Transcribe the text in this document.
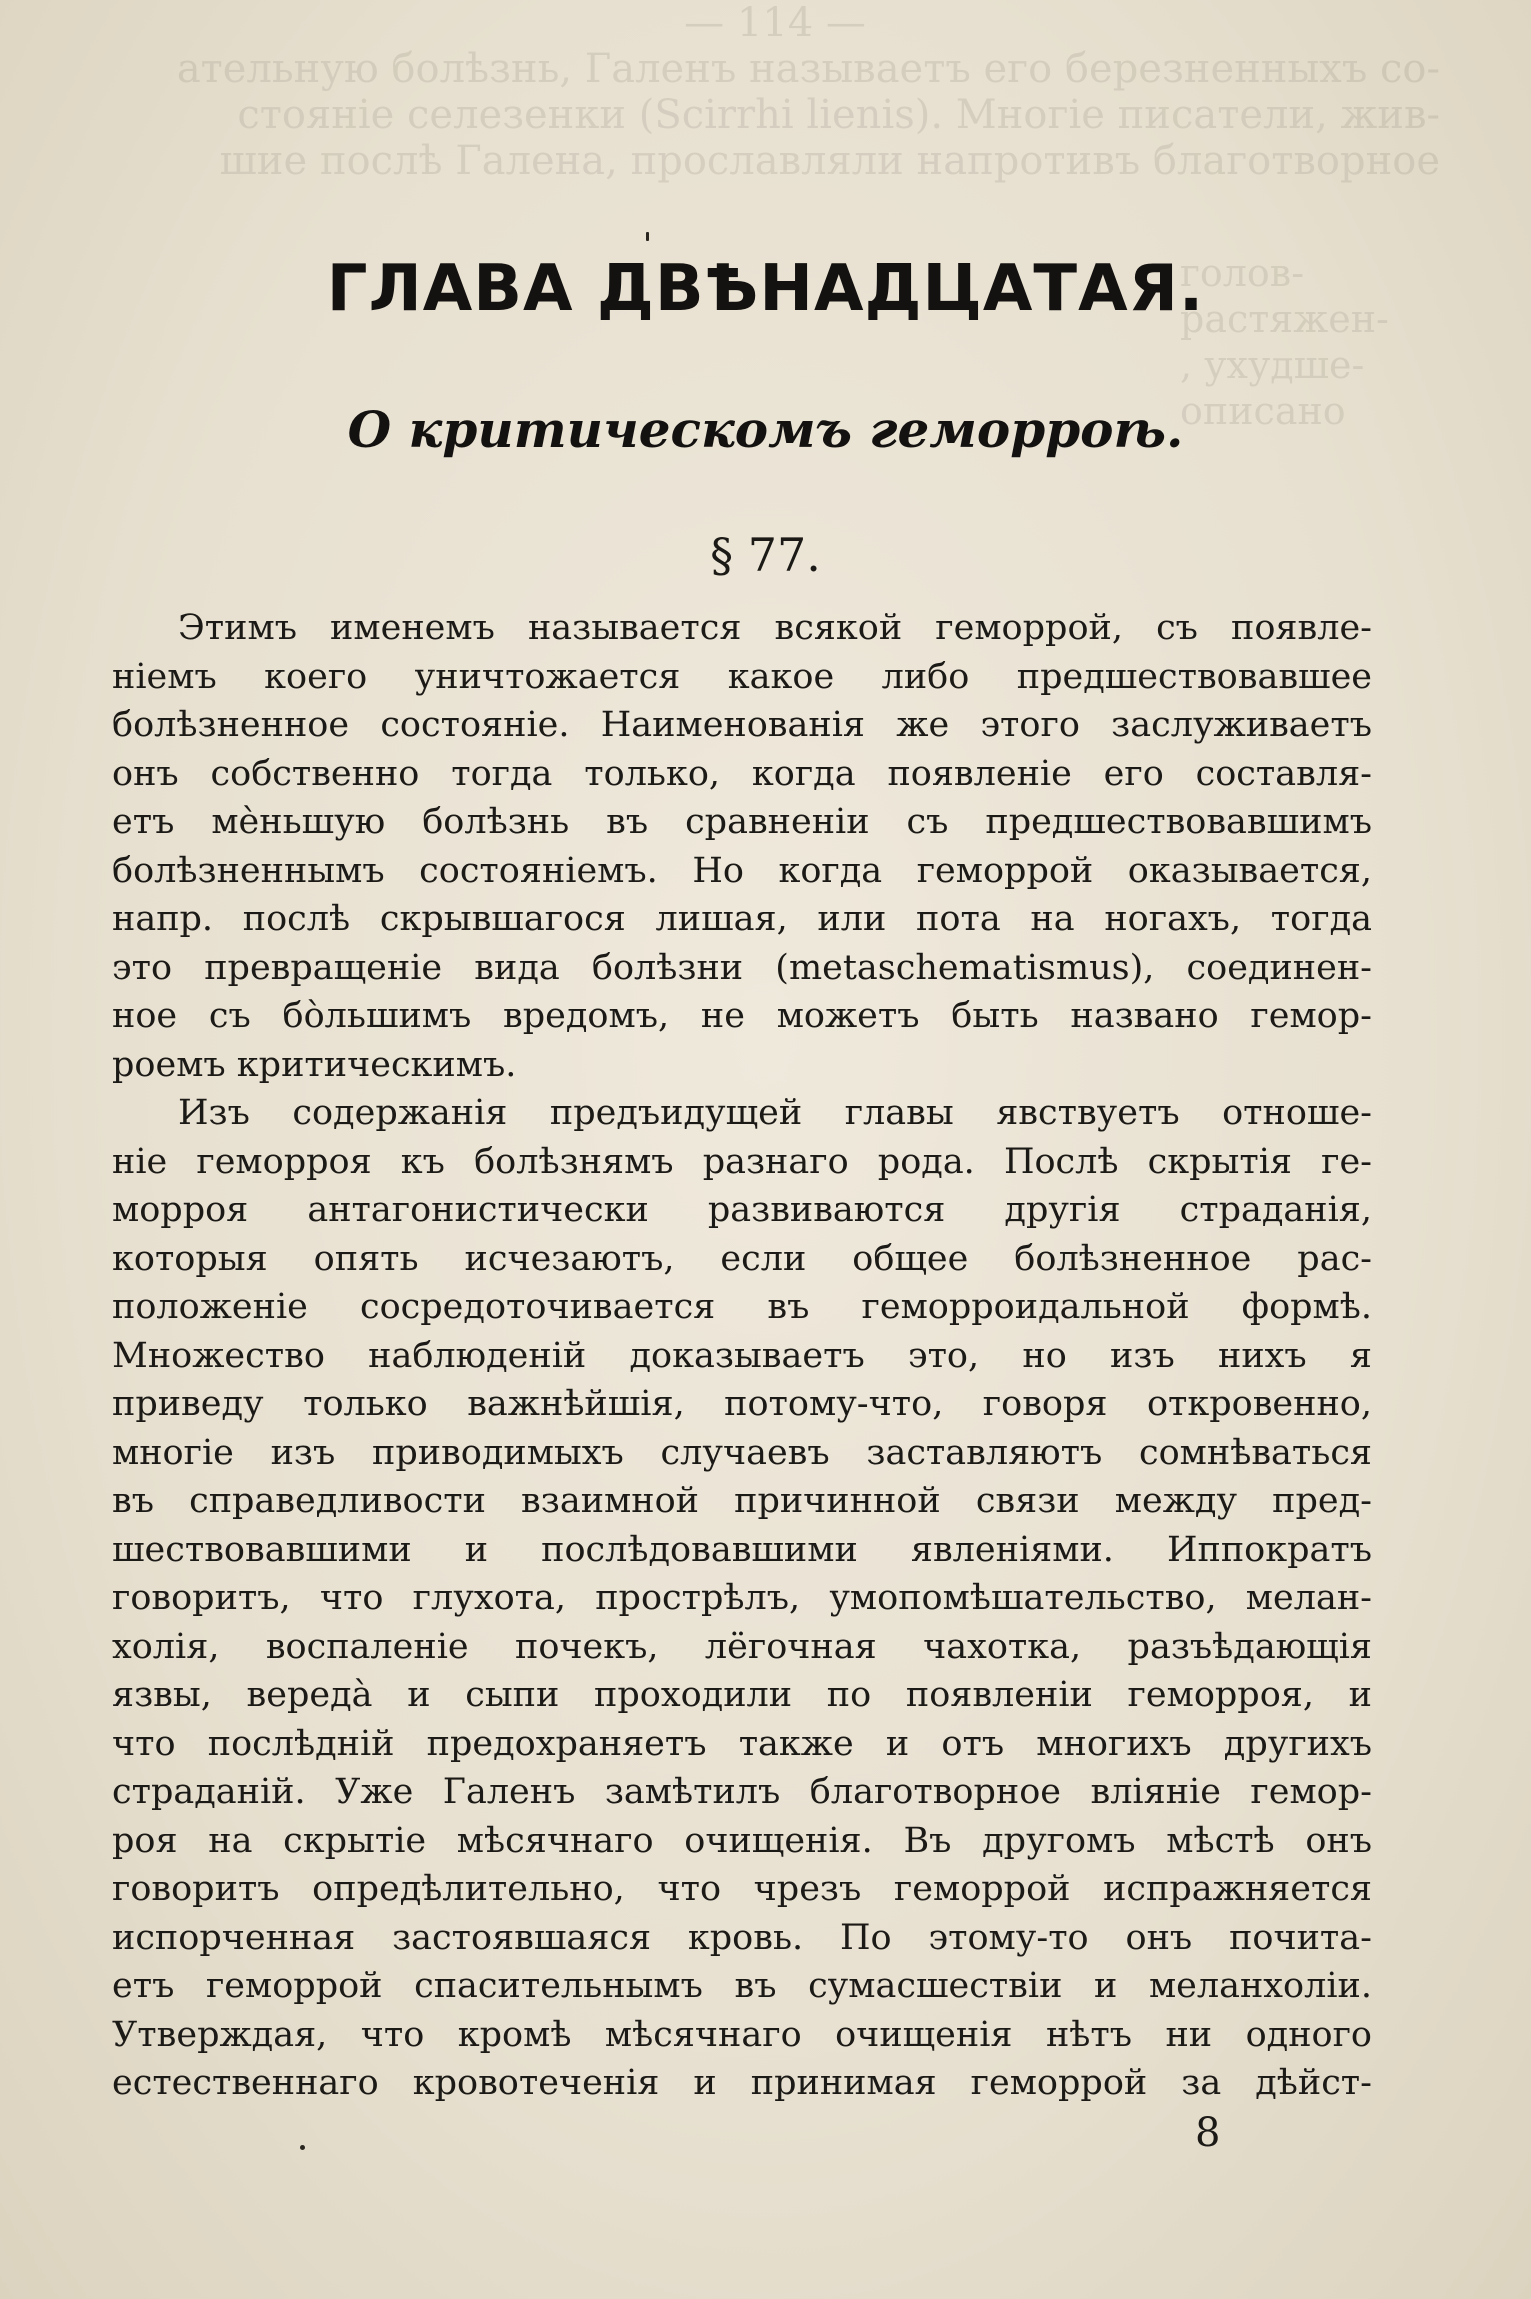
— 114 —
ательную болѣзнь, Галенъ называетъ его березненныхъ со-
стоянiе селезенки (Scirrhi lienis). Многiе писатели, жив-
шие послѣ Галена, прославляли напротивъ благотворное
голов-
растяжен-
, ухудше-
описано
ГЛАВА ДВѢНАДЦАТАЯ.
О критическомъ геморроѣ.
§ 77.
Этимъ именемъ называется всякой геморрой, съ появле-
нiемъ коего уничтожается какое либо предшествовавшее
болѣзненное состоянiе. Наименованiя же этого заслуживаетъ
онъ собственно тогда только, когда появленiе его составля-
етъ мѐньшую болѣзнь въ сравненiи съ предшествовавшимъ
болѣзненнымъ состоянiемъ. Но когда геморрой оказывается,
напр. послѣ скрывшагося лишая, или пота на ногахъ, тогда
это превращенiе вида болѣзни (metaschematismus), соединен-
ное съ бо̀льшимъ вредомъ, не можетъ быть названо гемор-
роемъ критическимъ.
Изъ содержанiя предъидущей главы явствуетъ отноше-
нiе геморроя къ болѣзнямъ разнаго рода. Послѣ скрытiя ге-
морроя антагонистически развиваются другiя страданiя,
которыя опять исчезаютъ, если общее болѣзненное рас-
положенiе сосредоточивается въ геморроидальной формѣ.
Множество наблюденiй доказываетъ это, но изъ нихъ я
приведу только важнѣйшiя, потому-что, говоря откровенно,
многiе изъ приводимыхъ случаевъ заставляютъ сомнѣваться
въ справедливости взаимной причинной связи между пред-
шествовавшими и послѣдовавшими явленiями. Иппократъ
говоритъ, что глухота, прострѣлъ, умопомѣшательство, мелан-
холiя, воспаленiе почекъ, лёгочная чахотка, разъѣдающiя
язвы, вереда̀ и сыпи проходили по появленiи геморроя, и
что послѣднiй предохраняетъ также и отъ многихъ другихъ
страданiй. Уже Галенъ замѣтилъ благотворное влiянiе гемор-
роя на скрытiе мѣсячнаго очищенiя. Въ другомъ мѣстѣ онъ
говоритъ опредѣлительно, что чрезъ геморрой испражняется
испорченная застоявшаяся кровь. По этому-то онъ почита-
етъ геморрой спасительнымъ въ сумасшествiи и меланхолiи.
Утверждая, что кромѣ мѣсячнаго очищенiя нѣтъ ни одного
естественнаго кровотеченiя и принимая геморрой за дѣйст-
8
